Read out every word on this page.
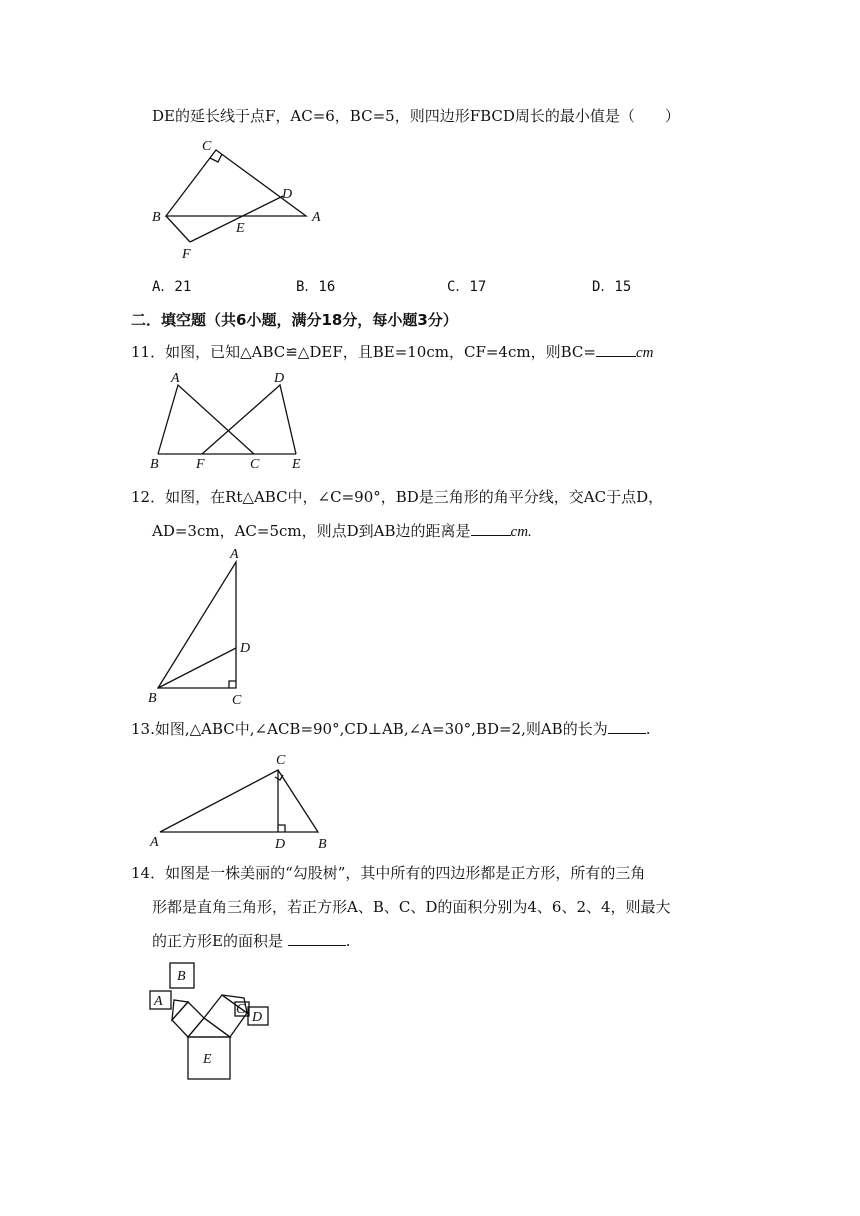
DE的延长线于点F，AC=6，BC=5，则四边形FBCD周长的最小值是（　　）
C
D
B
E
A
F
A．21	B．16	C．17	D．15
二．填空题（共6小题，满分18分，每小题3分）
11．如图，已知△ABC≌△DEF，且BE=10cm，CF=4cm，则BC=	cm
A	D
B	F	C E
12．如图，在Rt△ABC中，∠C=90°，BD是三角形的角平分线，交AC于点D，
AD=3cm，AC=5cm，则点D到AB边的距离是	cm.
A
D
B	C
13.如图,△ABC中,∠ACB=90°,CD⊥AB,∠A=30°,BD=2,则AB的长为	.
C
A	D B
14．如图是一株美丽的“勾股树”，其中所有的四边形都是正方形，所有的三角
形都是直角三角形，若正方形A、B、C、D的面积分别为4、6、2、4，则最大
的正方形E的面积是	.
A
B
C
D
E
